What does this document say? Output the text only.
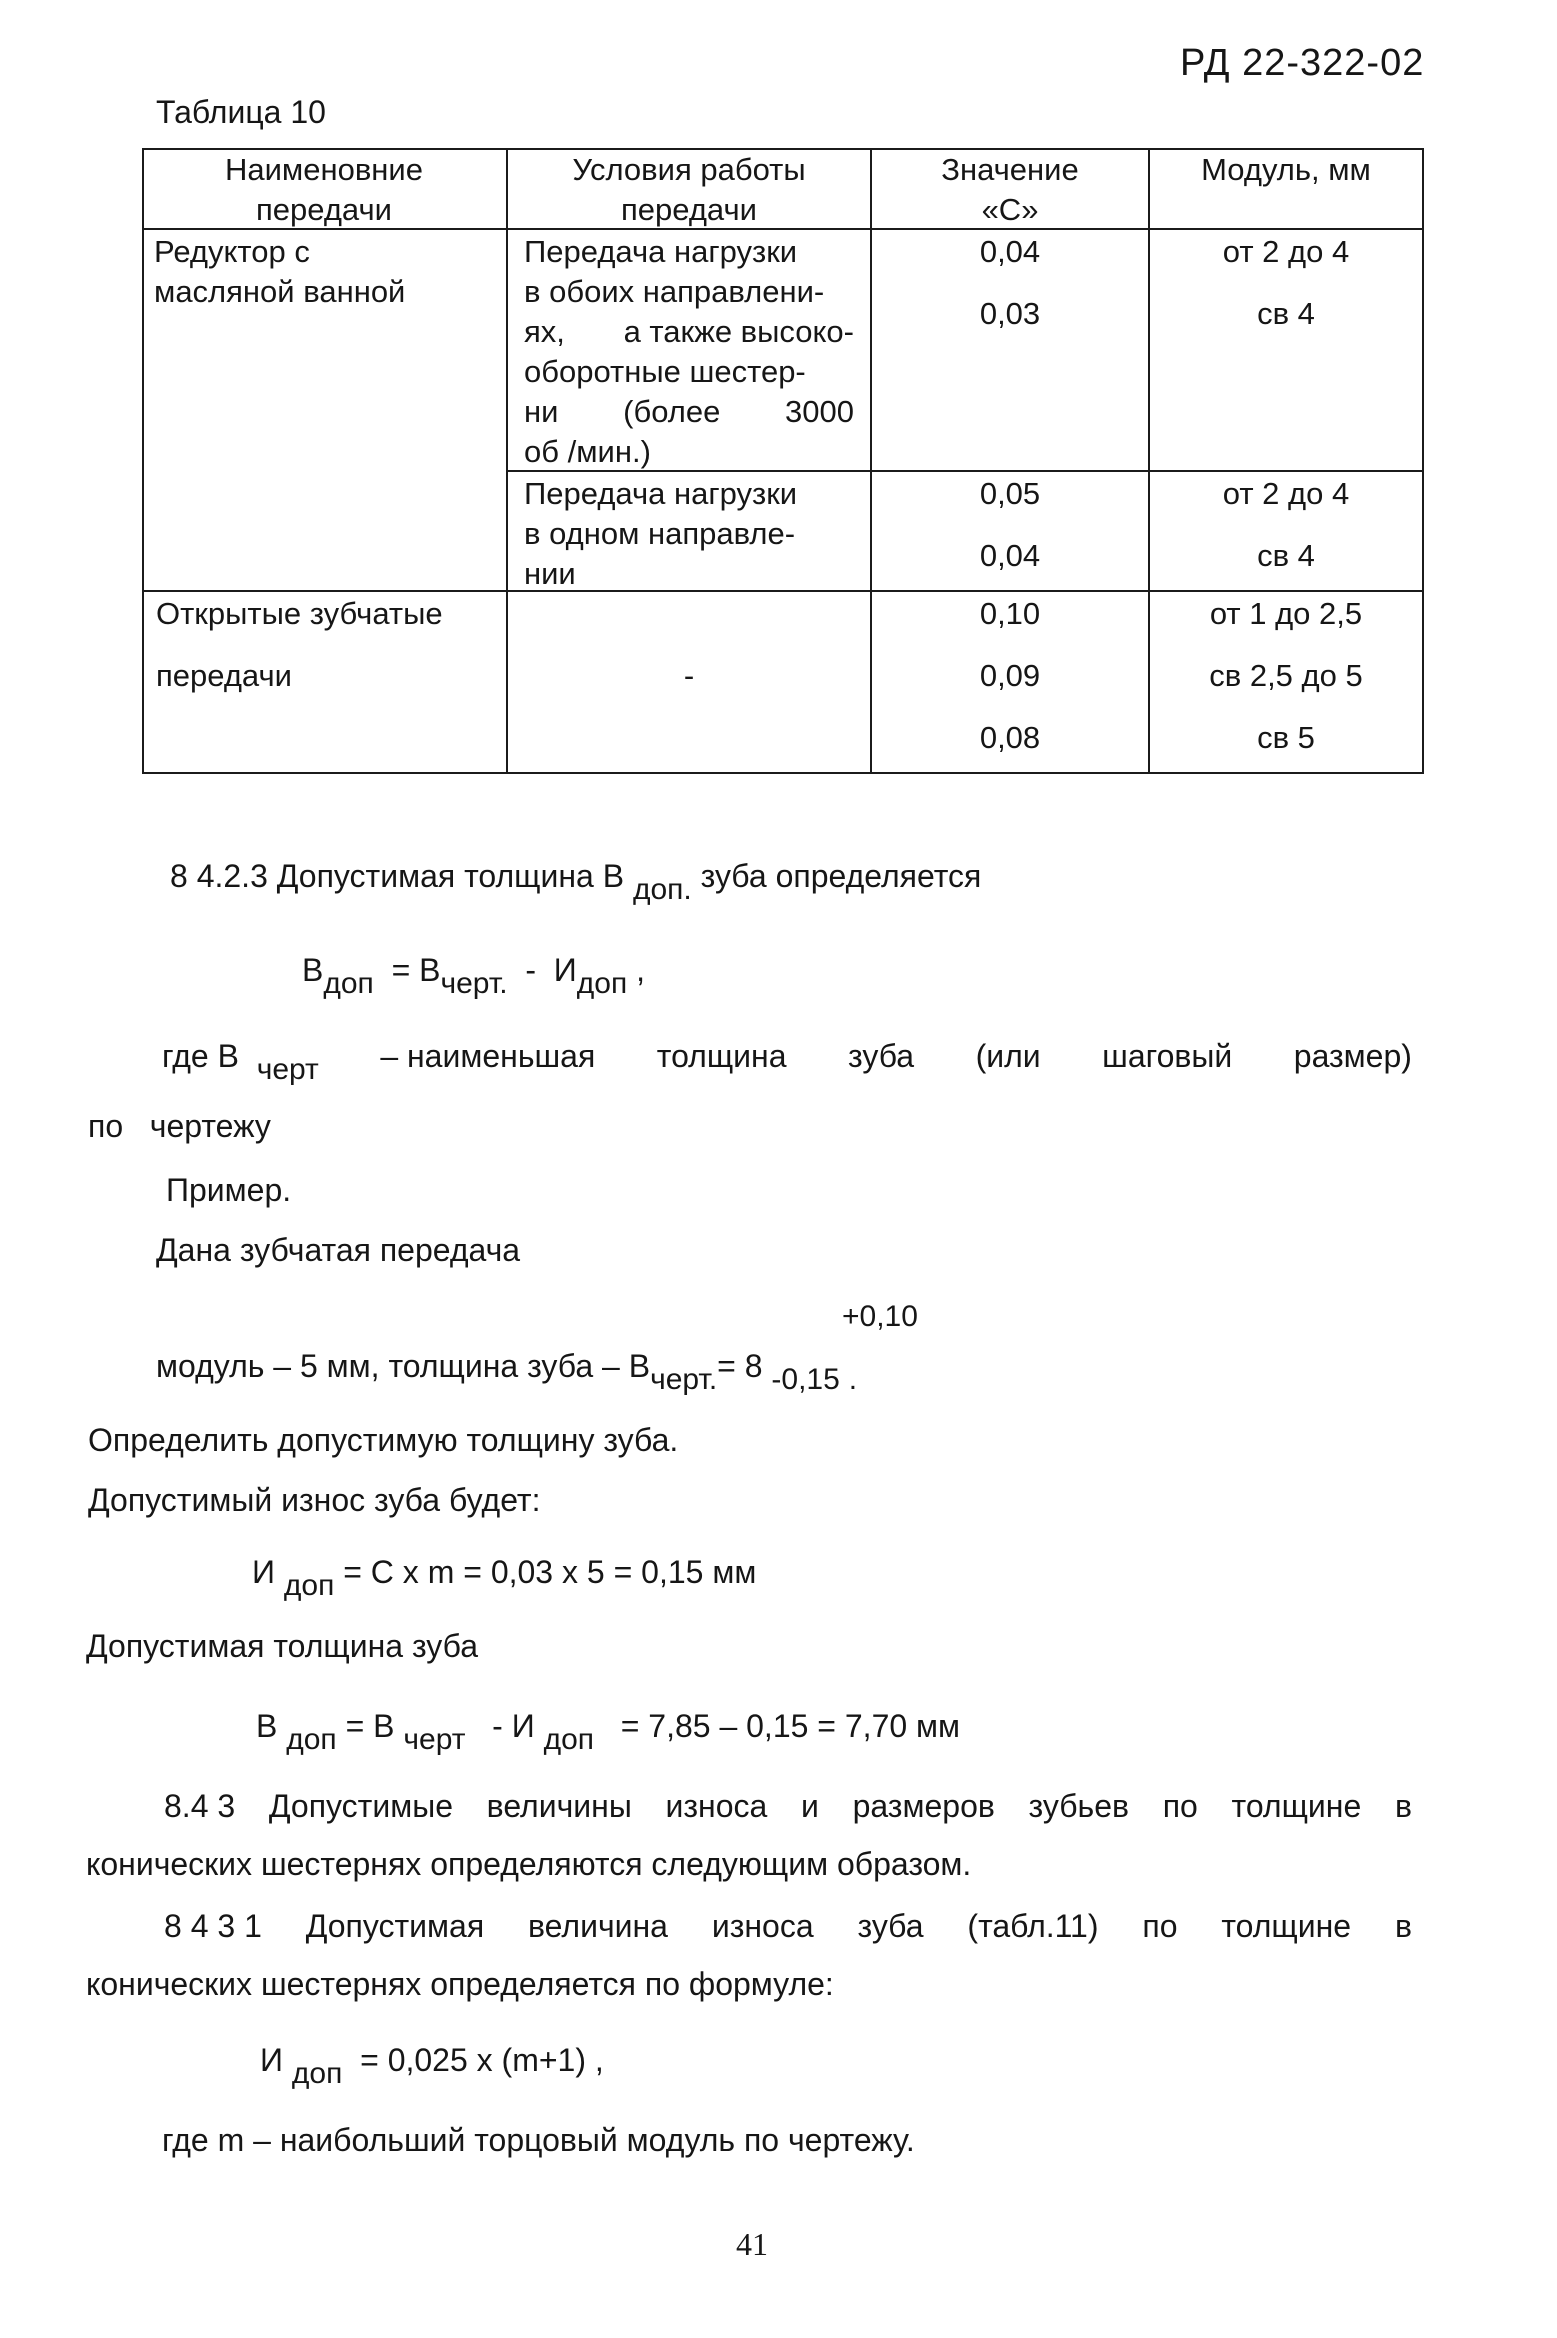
РД 22-322-02
Таблица 10
Наименовние
передачи
Условия работы
передачи
Значение
«С»
Модуль, мм
Редуктор с
масляной ванной
Передача нагрузки
в обоих направлени-
ях, а также высоко-
оборотные шестер-
ни (более 3000
об /мин.)
0,04
0,03
от 2 до 4
св 4
Передача нагрузки
в одном направле-
нии
0,05
0,04
от 2 до 4
св 4
Открытые зубчатые
передачи	-
0,10
0,09
0,08
от 1 до 2,5
св 2,5 до 5
св 5
8 4.2.3 Допустимая толщина В доп. зуба определяется
Вдоп = Вчерт. - Идоп ,
где В черт – наименьшая толщина зуба (или шаговый размер)
по чертежу
Пример.
Дана зубчатая передача
+0,10
модуль – 5 мм, толщина зуба – Вчерт.= 8 -0,15 .
Определить допустимую толщину зуба.
Допустимый износ зуба будет:
И доп = С х m = 0,03 х 5 = 0,15 мм
Допустимая толщина зуба
В доп = В черт - И доп = 7,85 – 0,15 = 7,70 мм
8.4 3 Допустимые величины износа и размеров зубьев по толщине в
конических шестернях определяются следующим образом.
8 4 3 1 Допустимая величина износа зуба (табл.11) по толщине в
конических шестернях определяется по формуле:
И доп = 0,025 х (m+1) ,
где m – наибольший торцовый модуль по чертежу.
41
